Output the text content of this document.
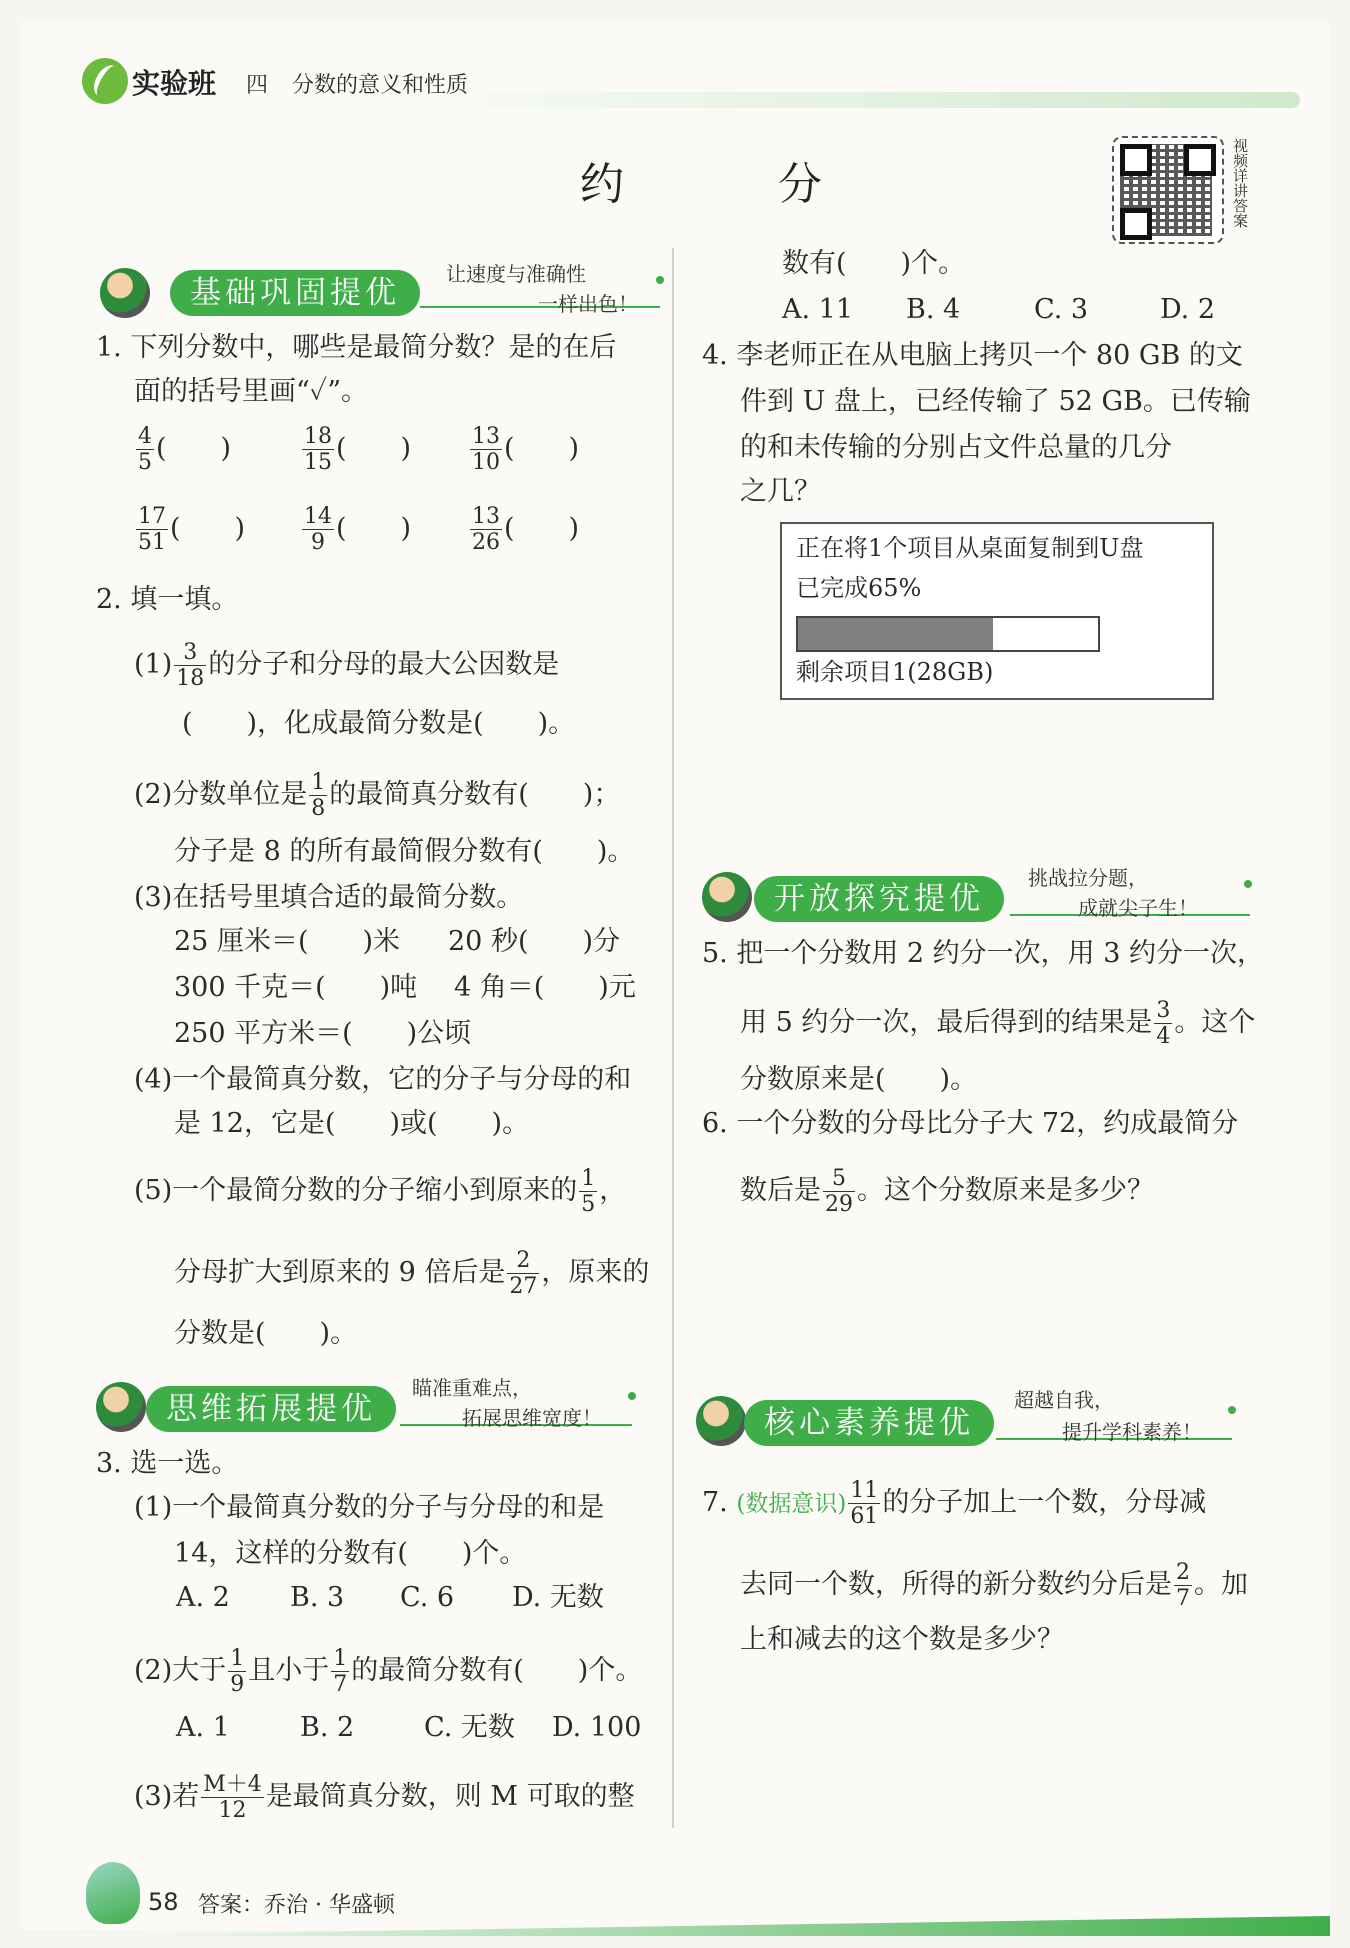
实验班 四 分数的意义和性质
约 分	视频详讲答案
基础巩固提优
让速度与准确性
一样出色！
1. 下列分数中，哪些是最简分数？是的在后
面的括号里画“✓”。
$\frac{4}{5}$ (　　)	$\frac{18}{15}$ (　　)	$\frac{13}{10}$ (　　)
$\frac{17}{51}$ (　　)	$\frac{14}{9}$ (　　)	$\frac{13}{26}$ (　　)
2. 填一填。
$(1) \frac{3}{18}$ 的分子和分母的最大公因数是
(　　)，化成最简分数是(　　)。
(2)分数单位是 $\frac{1}{8}$ 的最简真分数有(　　)；
分子是 8 的所有最简假分数有(　　)。
(3)在括号里填合适的最简分数。
25 厘米＝(　　)米 20 秒(　　)分
300 千克＝(　　)吨 4 角＝(　　)元
250 平方米＝(　　)公顷
(4)一个最简真分数，它的分子与分母的和
是 12，它是(　　)或(　　)。
(5)一个最简分数的分子缩小到原来的 $\frac{1}{5}$ ，
分母扩大到原来的 9 倍后是 $\frac{2}{27}$ ，原来的
分数是(　　)。
思维拓展提优
瞄准重难点，
拓展思维宽度！
3. 选一选。
(1)一个最简真分数的分子与分母的和是
14，这样的分数有(　　)个。
A. 2 B. 3 C. 6 D. 无数
(2)大于 $\frac{1}{9}$ 且小于 $\frac{1}{7}$ 的最简分数有(　　)个。
A. 1	B. 2	C. 无数 D. 100
(3)若 $\frac{M+4}{12}$ 是最简真分数，则 M 可取的整
数有(　　)个。
A. 11 B. 4	C. 3	D. 2
4. 李老师正在从电脑上拷贝一个 80 GB 的文
件到 U 盘上，已经传输了 52 GB。已传输
的和未传输的分别占文件总量的几分
之几？
正在将1个项目从桌面复制到U盘
已完成65%
剩余项目1(28GB)
开放探究提优
挑战拉分题，
成就尖子生！
5. 把一个分数用 2 约分一次，用 3 约分一次，
用 5 约分一次，最后得到的结果是 $\frac{3}{4}$ 。这个
分数原来是(　　)。
6. 一个分数的分母比分子大 72，约成最简分
数后是 $\frac{5}{29}$ 。这个分数原来是多少？
核心素养提优
超越自我，
提升学科素养！
7. (数据意识) $\frac{11}{61}$ 的分子加上一个数，分母减
去同一个数，所得的新分数约分后是 $\frac{2}{7}$ 。加
上和减去的这个数是多少？
58 答案：乔治 · 华盛顿
